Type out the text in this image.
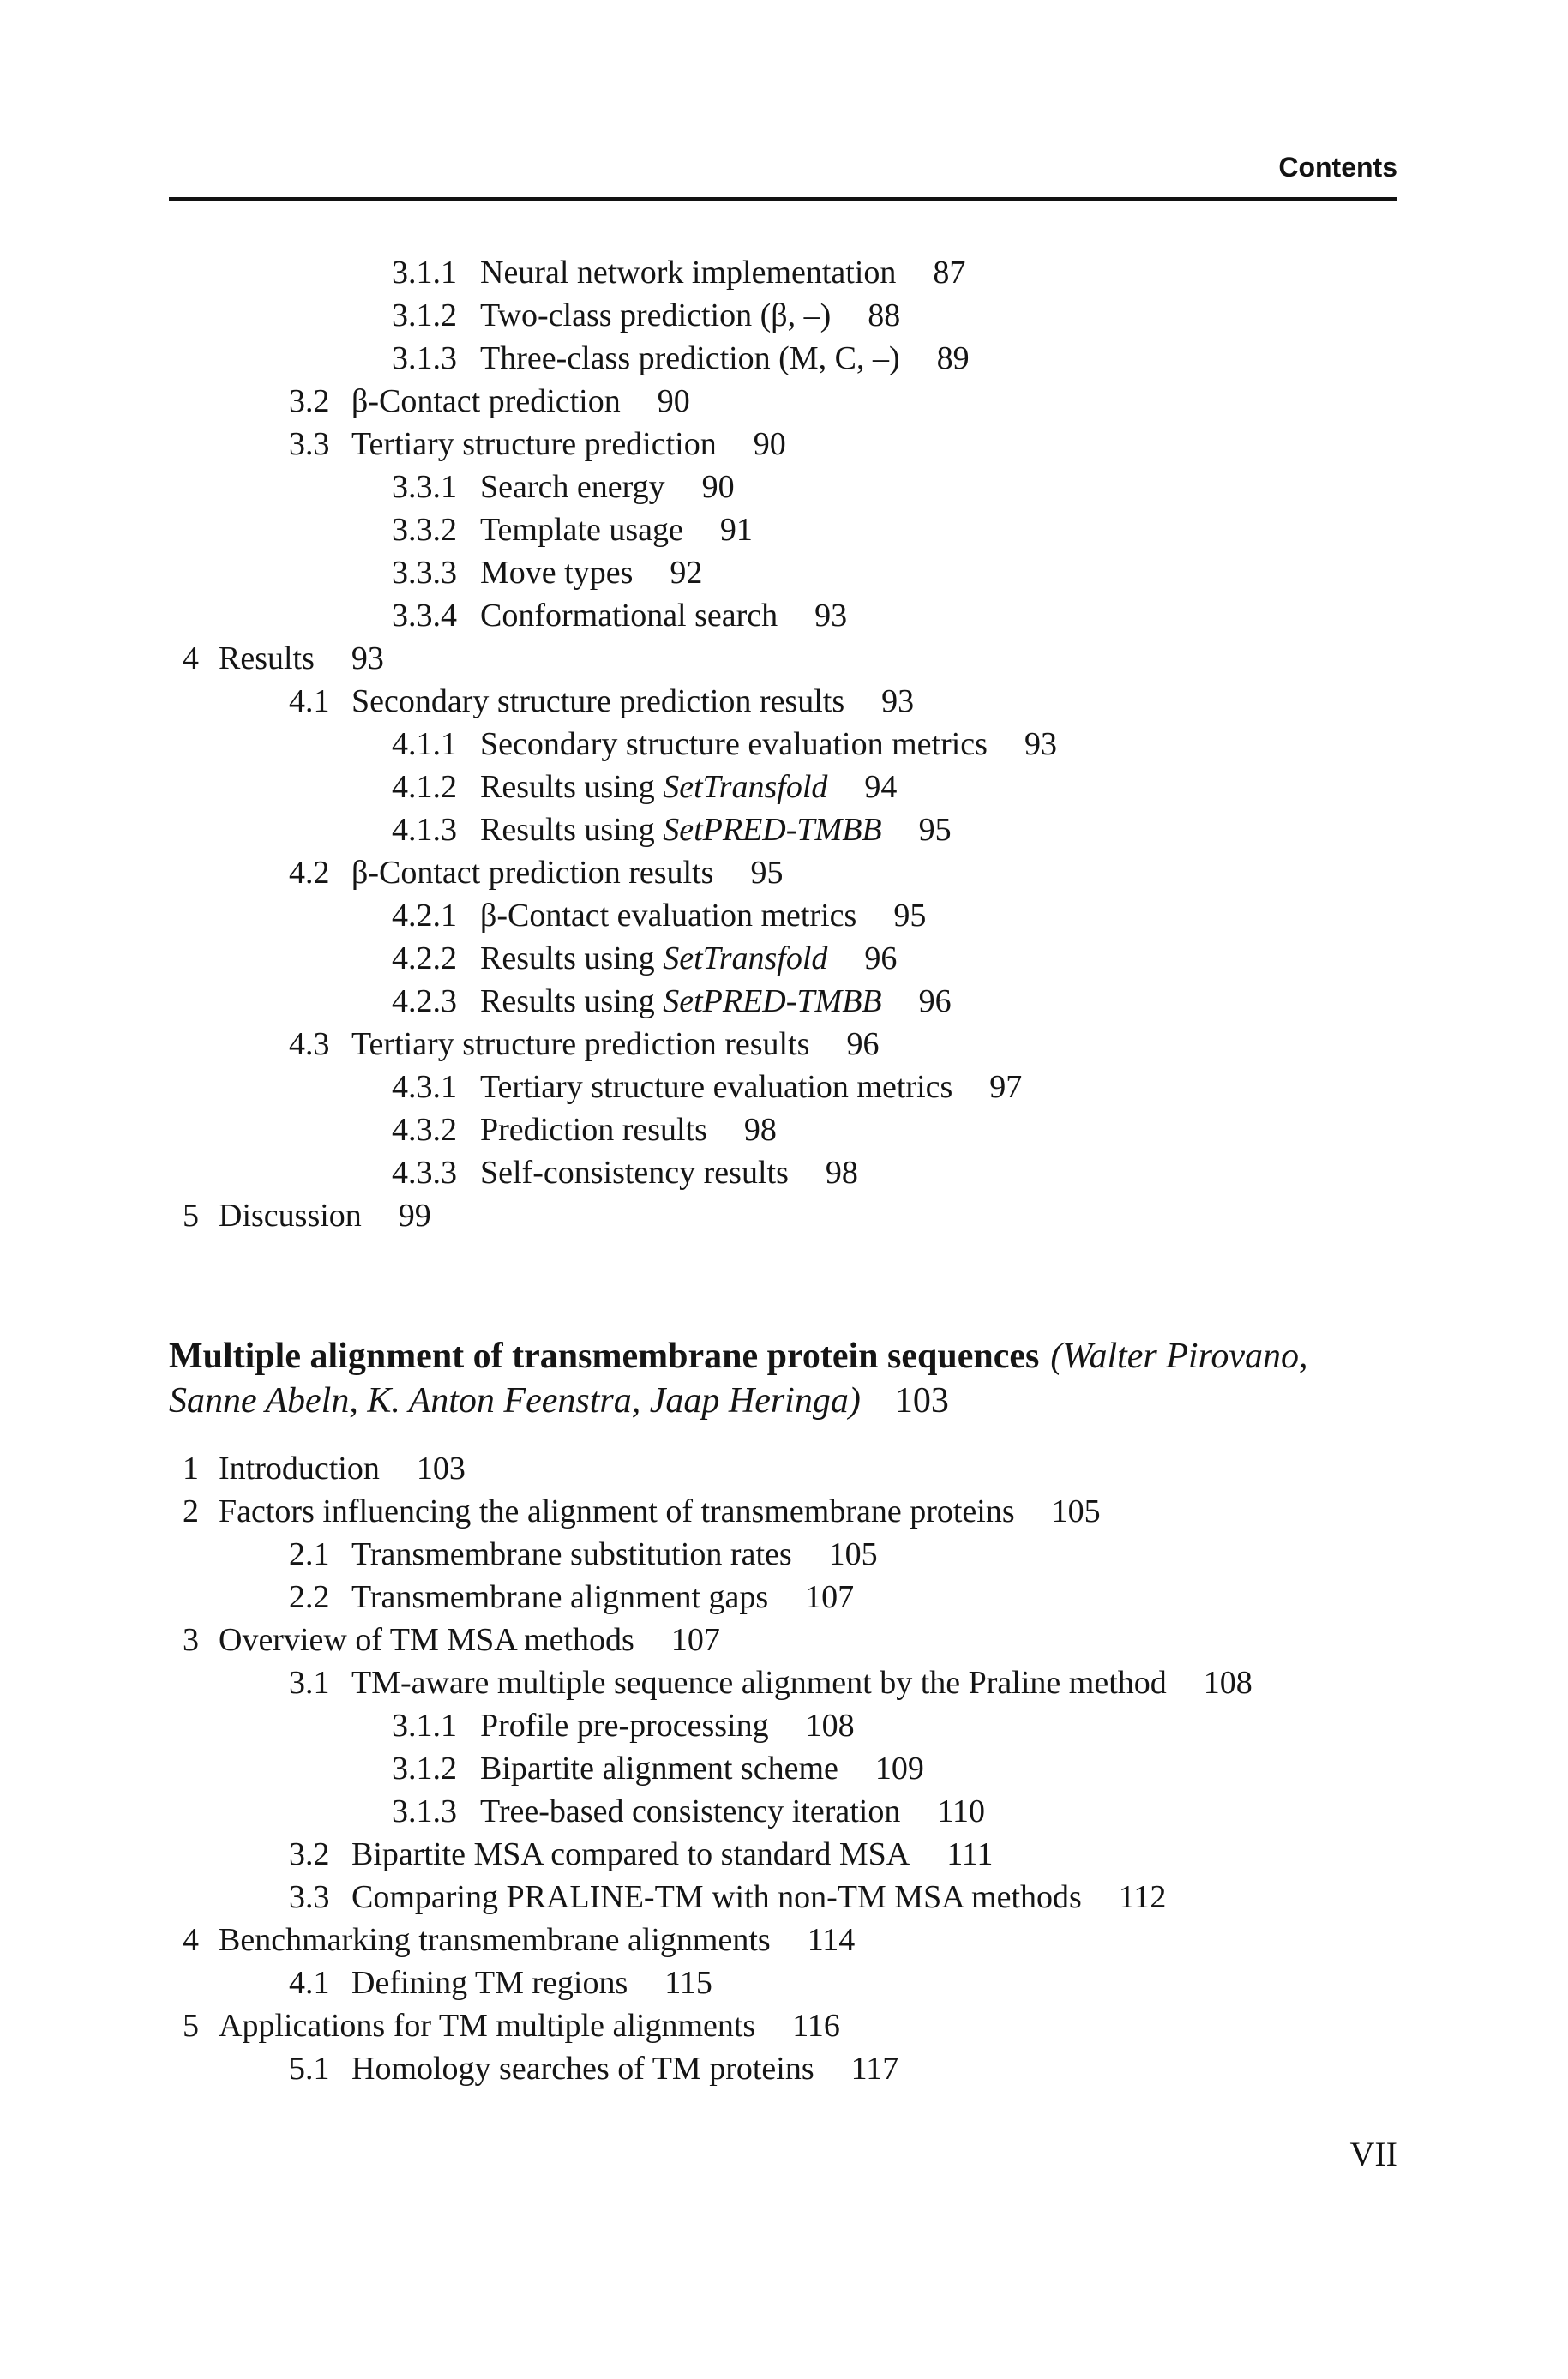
Contents
3.1.1 Neural network implementation 87
3.1.2 Two-class prediction (β, –) 88
3.1.3 Three-class prediction (M, C, –) 89
3.2 β-Contact prediction 90
3.3 Tertiary structure prediction 90
3.3.1 Search energy 90
3.3.2 Template usage 91
3.3.3 Move types 92
3.3.4 Conformational search 93
4 Results 93
4.1 Secondary structure prediction results 93
4.1.1 Secondary structure evaluation metrics 93
4.1.2 Results using SetTransfold 94
4.1.3 Results using SetPRED-TMBB 95
4.2 β-Contact prediction results 95
4.2.1 β-Contact evaluation metrics 95
4.2.2 Results using SetTransfold 96
4.2.3 Results using SetPRED-TMBB 96
4.3 Tertiary structure prediction results 96
4.3.1 Tertiary structure evaluation metrics 97
4.3.2 Prediction results 98
4.3.3 Self-consistency results 98
5 Discussion 99
Multiple alignment of transmembrane protein sequences (Walter Pirovano,
Sanne Abeln, K. Anton Feenstra, Jaap Heringa) 103
1 Introduction 103
2 Factors influencing the alignment of transmembrane proteins 105
2.1 Transmembrane substitution rates 105
2.2 Transmembrane alignment gaps 107
3 Overview of TM MSA methods 107
3.1 TM-aware multiple sequence alignment by the Praline method 108
3.1.1 Profile pre-processing 108
3.1.2 Bipartite alignment scheme 109
3.1.3 Tree-based consistency iteration 110
3.2 Bipartite MSA compared to standard MSA 111
3.3 Comparing PRALINE-TM with non-TM MSA methods 112
4 Benchmarking transmembrane alignments 114
4.1 Defining TM regions 115
5 Applications for TM multiple alignments 116
5.1 Homology searches of TM proteins 117
VII
